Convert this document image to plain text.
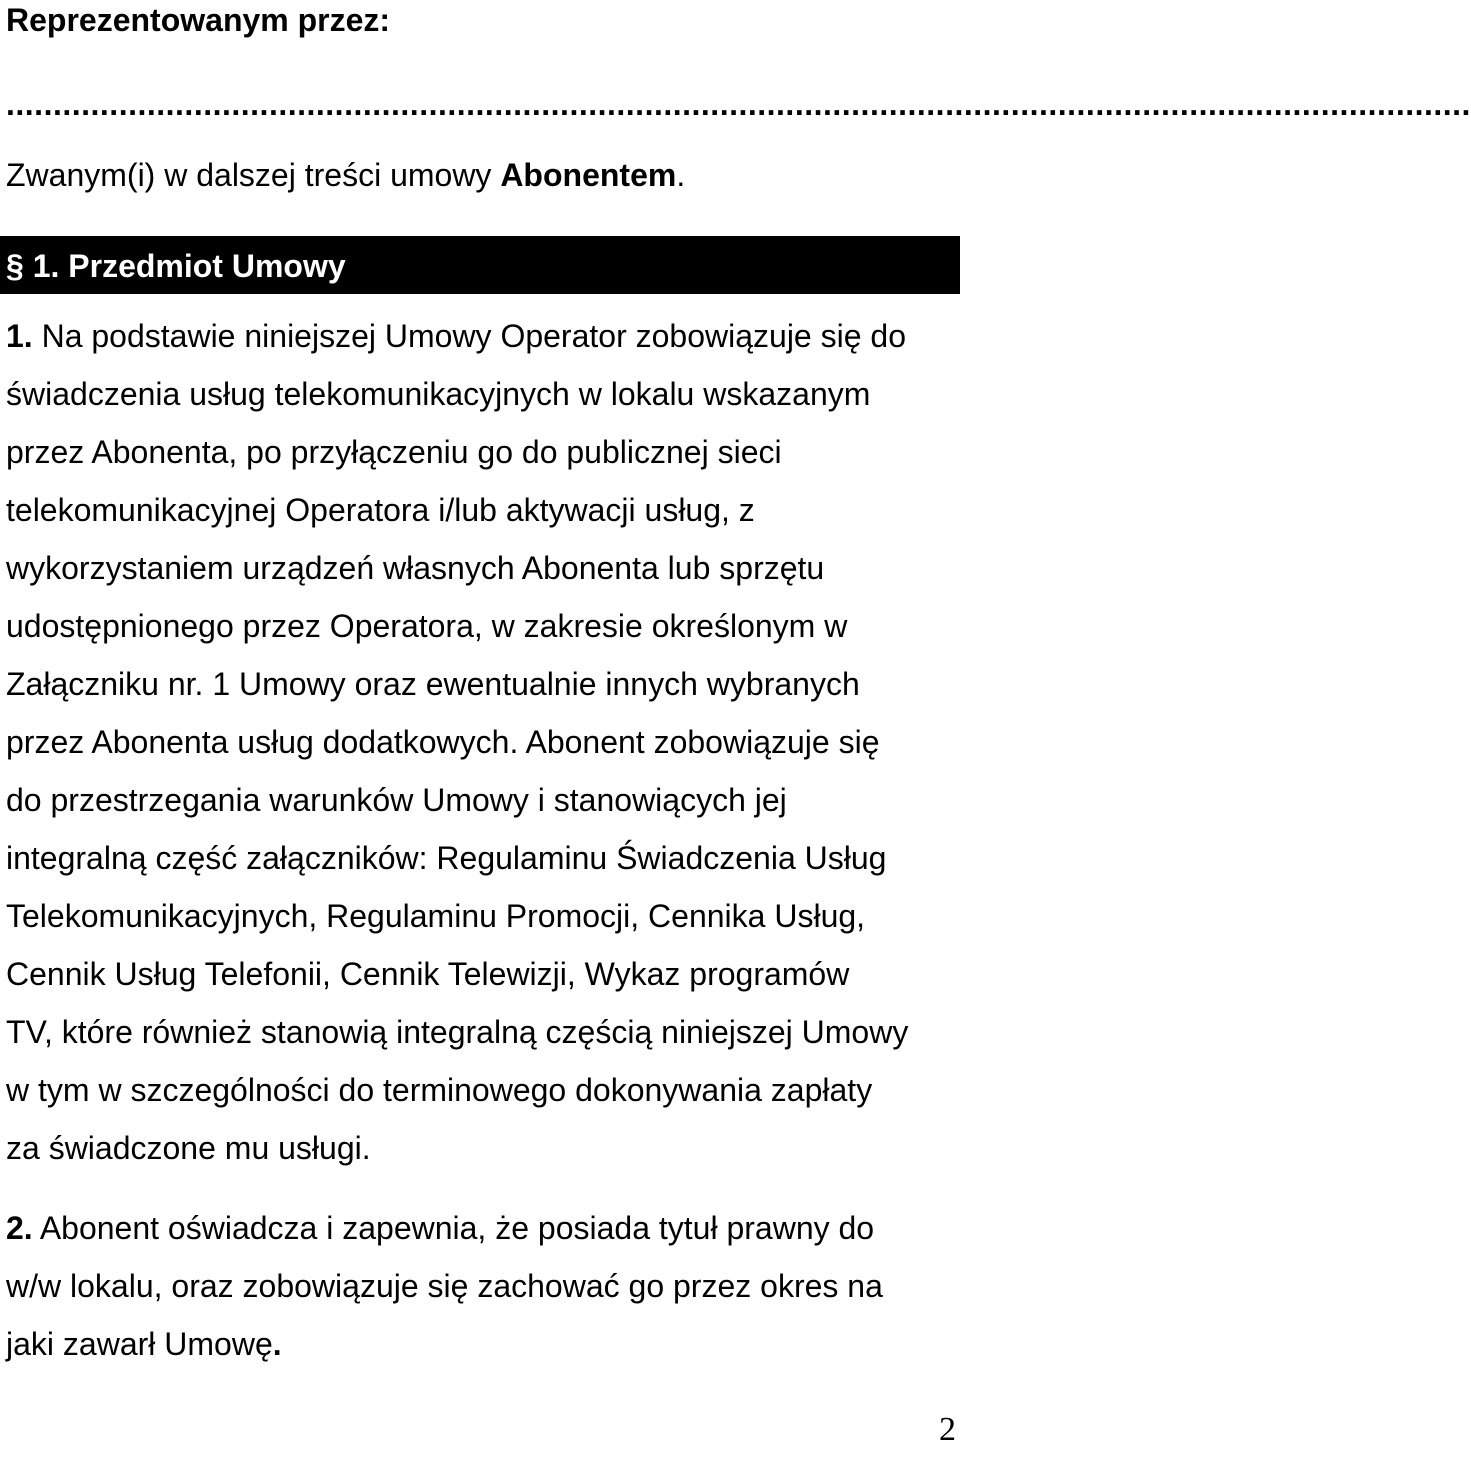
Reprezentowanym przez:
............................................................................................................................................................
Zwanym(i) w dalszej treści umowy Abonentem.
§ 1. Przedmiot Umowy
1. Na podstawie niniejszej Umowy Operator zobowiązuje się do
świadczenia usług telekomunikacyjnych w lokalu wskazanym
przez Abonenta, po przyłączeniu go do publicznej sieci
telekomunikacyjnej Operatora i/lub aktywacji usług, z
wykorzystaniem urządzeń własnych Abonenta lub sprzętu
udostępnionego przez Operatora, w zakresie określonym w
Załączniku nr. 1 Umowy oraz ewentualnie innych wybranych
przez Abonenta usług dodatkowych. Abonent zobowiązuje się
do przestrzegania warunków Umowy i stanowiących jej
integralną część załączników: Regulaminu Świadczenia Usług
Telekomunikacyjnych, Regulaminu Promocji, Cennika Usług,
Cennik Usług Telefonii, Cennik Telewizji, Wykaz programów
TV, które również stanowią integralną częścią niniejszej Umowy
w tym w szczególności do terminowego dokonywania zapłaty
za świadczone mu usługi.
2. Abonent oświadcza i zapewnia, że posiada tytuł prawny do
w/w lokalu, oraz zobowiązuje się zachować go przez okres na
jaki zawarł Umowę.
2
